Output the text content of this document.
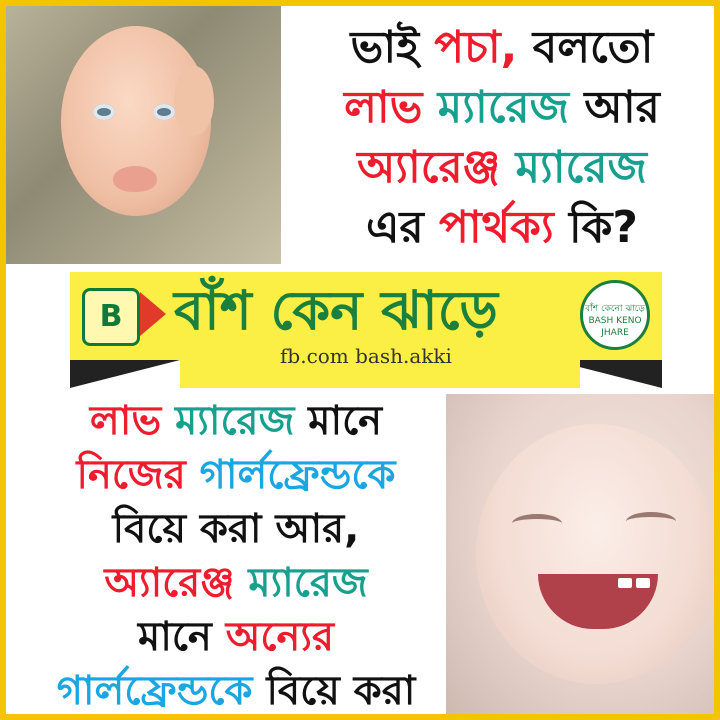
ভাই পচা, বলতো
লাভ ম্যারেজ আর
অ্যারেঞ্জ ম্যারেজ
এর পার্থক্য কি?
B বাঁশ কেন ঝাড়ে
fb.com bash.akki
বাঁশ কেনো ঝাড়ে
BASH KENO JHARE
লাভ ম্যারেজ মানে
নিজের গার্লফ্রেন্ডকে
বিয়ে করা আর,
অ্যারেঞ্জ ম্যারেজ
মানে অন্যের
গার্লফ্রেন্ডকে বিয়ে করা
